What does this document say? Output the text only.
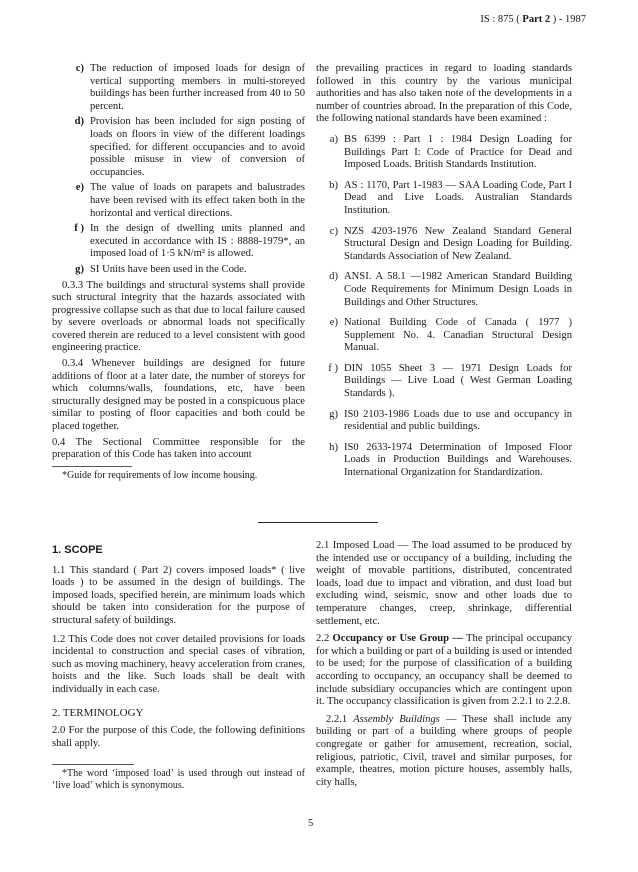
IS : 875 ( Part 2 ) - 1987
c) The reduction of imposed loads for design of vertical supporting members in multi-storeyed buildings has been further increased from 40 to 50 percent.
d) Provision has been included for sign posting of loads on floors in view of the different loadings specified. for different occupancies and to avoid possible misuse in view of conversion of occupancies.
e) The value of loads on parapets and balustrades have been revised with its effect taken both in the horizontal and vertical directions.
f ) In the design of dwelling units planned and executed in accordance with IS : 8888-1979*, an imposed load of 1·5 kN/m² is allowed.
g) SI Units have been used in the Code.

0.3.3 The buildings and structural systems shall provide such structural integrity that the hazards associated with progressive collapse such as that due to local failure caused by severe overloads or abnormal loads not specifically covered therein are reduced to a level consistent with good engineering practice.

0.3.4 Whenever buildings are designed for future additions of floor at a later date, the number of storeys for which columns/walls, foundations, etc, have been structurally designed may be posted in a conspicuous place similar to posting of floor capacities and both could be placed together.

0.4 The Sectional Committee responsible for the preparation of this Code has taken into account

*Guide for requirements of low income housing.

the prevailing practices in regard to loading standards followed in this country by the various municipal authorities and has also taken note of the developments in a number of countries abroad. In the preparation of this Code, the following national standards have been examined :

a) BS 6399 : Part 1 : 1984 Design Loading for Buildings Part I: Code of Practice for Dead and Imposed Loads. British Standards Institution.
b) AS : 1170, Part 1-1983 — SAA Loading Code, Part I Dead and Live Loads. Australian Standards Institution.
c) NZS 4203-1976 New Zealand Standard General Structural Design and Design Loading for Building. Standards Association of New Zealand.
d) ANSI. A 58.1 —1982 American Standard Building Code Requirements for Minimum Design Loads in Buildings and Other Structures.
e) National Building Code of Canada ( 1977 ) Supplement No. 4. Canadian Structural Design Manual.
f ) DIN 1055 Sheet 3 — 1971 Design Loads for Buildings — Live Load ( West German Loading Standards ).
g) IS0 2103-1986 Loads due to use and occupancy in residential and public buildings.
h) IS0 2633-1974 Determination of Imposed Floor Loads in Production Buildings and Warehouses. International Organization for Standardization.

1. SCOPE

1.1 This standard ( Part 2) covers imposed loads* ( live loads ) to be assumed in the design of buildings. The imposed loads, specified herein, are minimum loads which should be taken into consideration for the purpose of structural safety of buildings.

1.2 This Code does not cover detailed provisions for loads incidental to construction and special cases of vibration, such as moving machinery, heavy acceleration from cranes, hoists and the like. Such loads shall be dealt with individually in each case.

2. TERMINOLOGY

2.0 For the purpose of this Code, the following definitions shall apply.

*The word ‘imposed load’ is used through out instead of ‘live load’ which is synonymous.

2.1 Imposed Load — The load assumed to be produced by the intended use or occupancy of a building, including the weight of movable partitions, distributed, concentrated loads, load due to impact and vibration, and dust load but excluding wind, seismic, snow and other loads due to temperature changes, creep, shrinkage, differential settlement, etc.

2.2 Occupancy or Use Group — The principal occupancy for which a building or part of a building is used or intended to be used; for the purpose of classification of a building according to occupancy, an occupancy shall be deemed to include subsidiary occupancies which are contingent upon it. The occupancy classification is given from 2.2.1 to 2.2.8.

2.2.1 Assembly Buildings — These shall include any building or part of a building where groups of people congregate or gather for amusement, recreation, social, religious, patriotic, Civil, travel and similar purposes, for example, theatres, motion picture houses, assembly halls, city halls,

5
